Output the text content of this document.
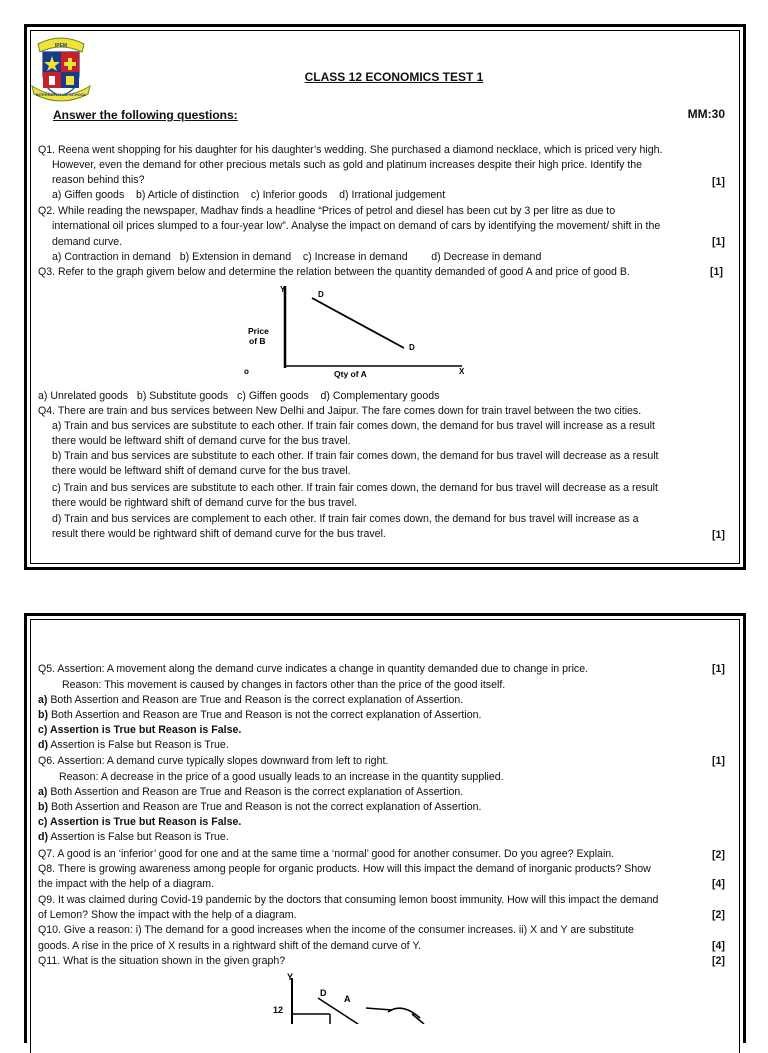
IPEM
INTERNATIONAL SCHOOL
CLASS 12 ECONOMICS TEST 1
Answer the following questions:	MM:30
Q1. Reena went shopping for his daughter for his daughter’s wedding. She purchased a diamond necklace, which is priced very high.
However, even the demand for other precious metals such as gold and platinum increases despite their high price. Identify the
reason behind this?	[1]
a) Giffen goods    b) Article of distinction    c) Inferior goods    d) Irrational judgement
Q2. While reading the newspaper, Madhav finds a headline “Prices of petrol and diesel has been cut by 3 per litre as due to
international oil prices slumped to a four-year low”. Analyse the impact on demand of cars by identifying the movement/ shift in the
demand curve.	[1]
a) Contraction in demand   b) Extension in demand    c) Increase in demand        d) Decrease in demand
Q3. Refer to the graph givem below and determine the relation between the quantity demanded of good A and price of good B.	[1]
Y
X
o
Price
of B
Qty of A
D
D
a) Unrelated goods   b) Substitute goods   c) Giffen goods    d) Complementary goods
Q4. There are train and bus services between New Delhi and Jaipur. The fare comes down for train travel between the two cities.
a) Train and bus services are substitute to each other. If train fair comes down, the demand for bus travel will increase as a result
there would be leftward shift of demand curve for the bus travel.
b) Train and bus services are substitute to each other. If train fair comes down, the demand for bus travel will decrease as a result
there would be leftward shift of demand curve for the bus travel.
c) Train and bus services are substitute to each other. If train fair comes down, the demand for bus travel will decrease as a result
there would be rightward shift of demand curve for the bus travel.
d) Train and bus services are complement to each other. If train fair comes down, the demand for bus travel will increase as a
result there would be rightward shift of demand curve for the bus travel.	[1]
Q5. Assertion: A movement along the demand curve indicates a change in quantity demanded due to change in price.	[1]
Reason: This movement is caused by changes in factors other than the price of the good itself.
a) Both Assertion and Reason are True and Reason is the correct explanation of Assertion.
b) Both Assertion and Reason are True and Reason is not the correct explanation of Assertion.
c) Assertion is True but Reason is False.
d) Assertion is False but Reason is True.
Q6. Assertion: A demand curve typically slopes downward from left to right.	[1]
Reason: A decrease in the price of a good usually leads to an increase in the quantity supplied.
a) Both Assertion and Reason are True and Reason is the correct explanation of Assertion.
b) Both Assertion and Reason are True and Reason is not the correct explanation of Assertion.
c) Assertion is True but Reason is False.
d) Assertion is False but Reason is True.
Q7. A good is an ‘inferior’ good for one and at the same time a ‘normal’ good for another consumer. Do you agree? Explain.	[2]
Q8. There is growing awareness among people for organic products. How will this impact the demand of inorganic products? Show
the impact with the help of a diagram.	[4]
Q9. It was claimed during Covid-19 pandemic by the doctors that consuming lemon boost immunity. How will this impact the demand
of Lemon? Show the impact with the help of a diagram.	[2]
Q10. Give a reason: i) The demand for a good increases when the income of the consumer increases. ii) X and Y are substitute
goods. A rise in the price of X results in a rightward shift of the demand curve of Y.	[4]
Q11. What is the situation shown in the given graph?	[2]
Y
12
D
A
